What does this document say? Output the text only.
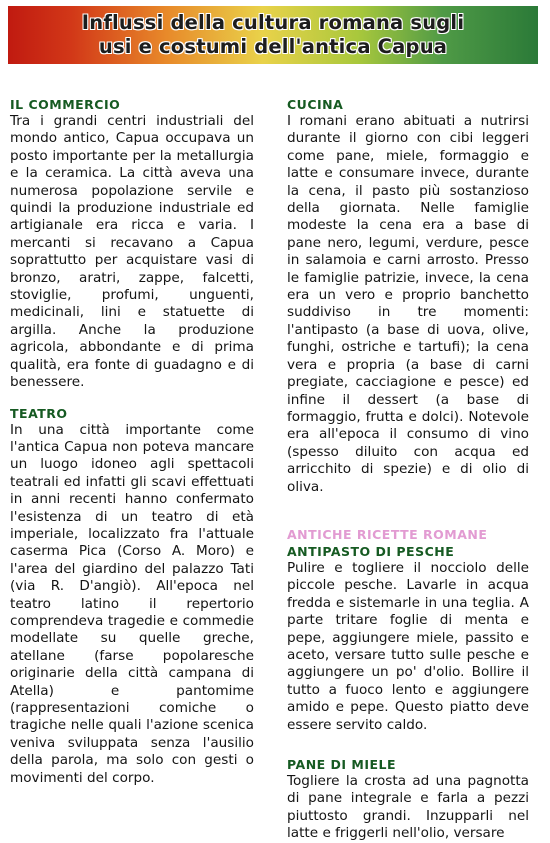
Influssi della cultura romana sugli
usi e costumi dell'antica Capua
IL COMMERCIO

Tra i grandi centri industriali del mondo antico, Capua occupava un posto importante per la metallurgia e la ceramica. La città aveva una numerosa popolazione servile e quindi la produzione industriale ed artigianale era ricca e varia. I mercanti si recavano a Capua soprattutto per acquistare vasi di bronzo, aratri, zappe, falcetti, stoviglie, profumi, unguenti, medicinali, lini e statuette di argilla. Anche la produzione agricola, abbondante e di prima qualità, era fonte di guadagno e di benessere.

TEATRO

In una città importante come l'antica Capua non poteva mancare un luogo idoneo agli spettacoli teatrali ed infatti gli scavi effettuati in anni recenti hanno confermato l'esistenza di un teatro di età imperiale, localizzato fra l'attuale caserma Pica (Corso A. Moro) e l'area del giardino del palazzo Tati (via R. D'angiò). All'epoca nel teatro latino il repertorio comprendeva tragedie e commedie modellate su quelle greche, atellane (farse popolaresche originarie della città campana di Atella) e pantomime (rappresentazioni comiche o tragiche nelle quali l'azione scenica veniva sviluppata senza l'ausilio della parola, ma solo con gesti o movimenti del corpo.

CUCINA

I romani erano abituati a nutrirsi durante il giorno con cibi leggeri come pane, miele, formaggio e latte e consumare invece, durante la cena, il pasto più sostanzioso della giornata. Nelle famiglie modeste la cena era a base di pane nero, legumi, verdure, pesce in salamoia e carni arrosto. Presso le famiglie patrizie, invece, la cena era un vero e proprio banchetto suddiviso in tre momenti: l'antipasto (a base di uova, olive, funghi, ostriche e tartufi); la cena vera e propria (a base di carni pregiate, cacciagione e pesce) ed infine il dessert (a base di formaggio, frutta e dolci). Notevole era all'epoca il consumo di vino (spesso diluito con acqua ed arricchito di spezie) e di olio di oliva.

ANTICHE RICETTE ROMANE
ANTIPASTO DI PESCHE

Pulire e togliere il nocciolo delle piccole pesche. Lavarle in acqua fredda e sistemarle in una teglia. A parte tritare foglie di menta e pepe, aggiungere miele, passito e aceto, versare tutto sulle pesche e aggiungere un po' d'olio. Bollire il tutto a fuoco lento e aggiungere amido e pepe. Questo piatto deve essere servito caldo.

PANE DI MIELE

Togliere la crosta ad una pagnotta di pane integrale e farla a pezzi piuttosto grandi. Inzupparli nel latte e friggerli nell'olio, versare
